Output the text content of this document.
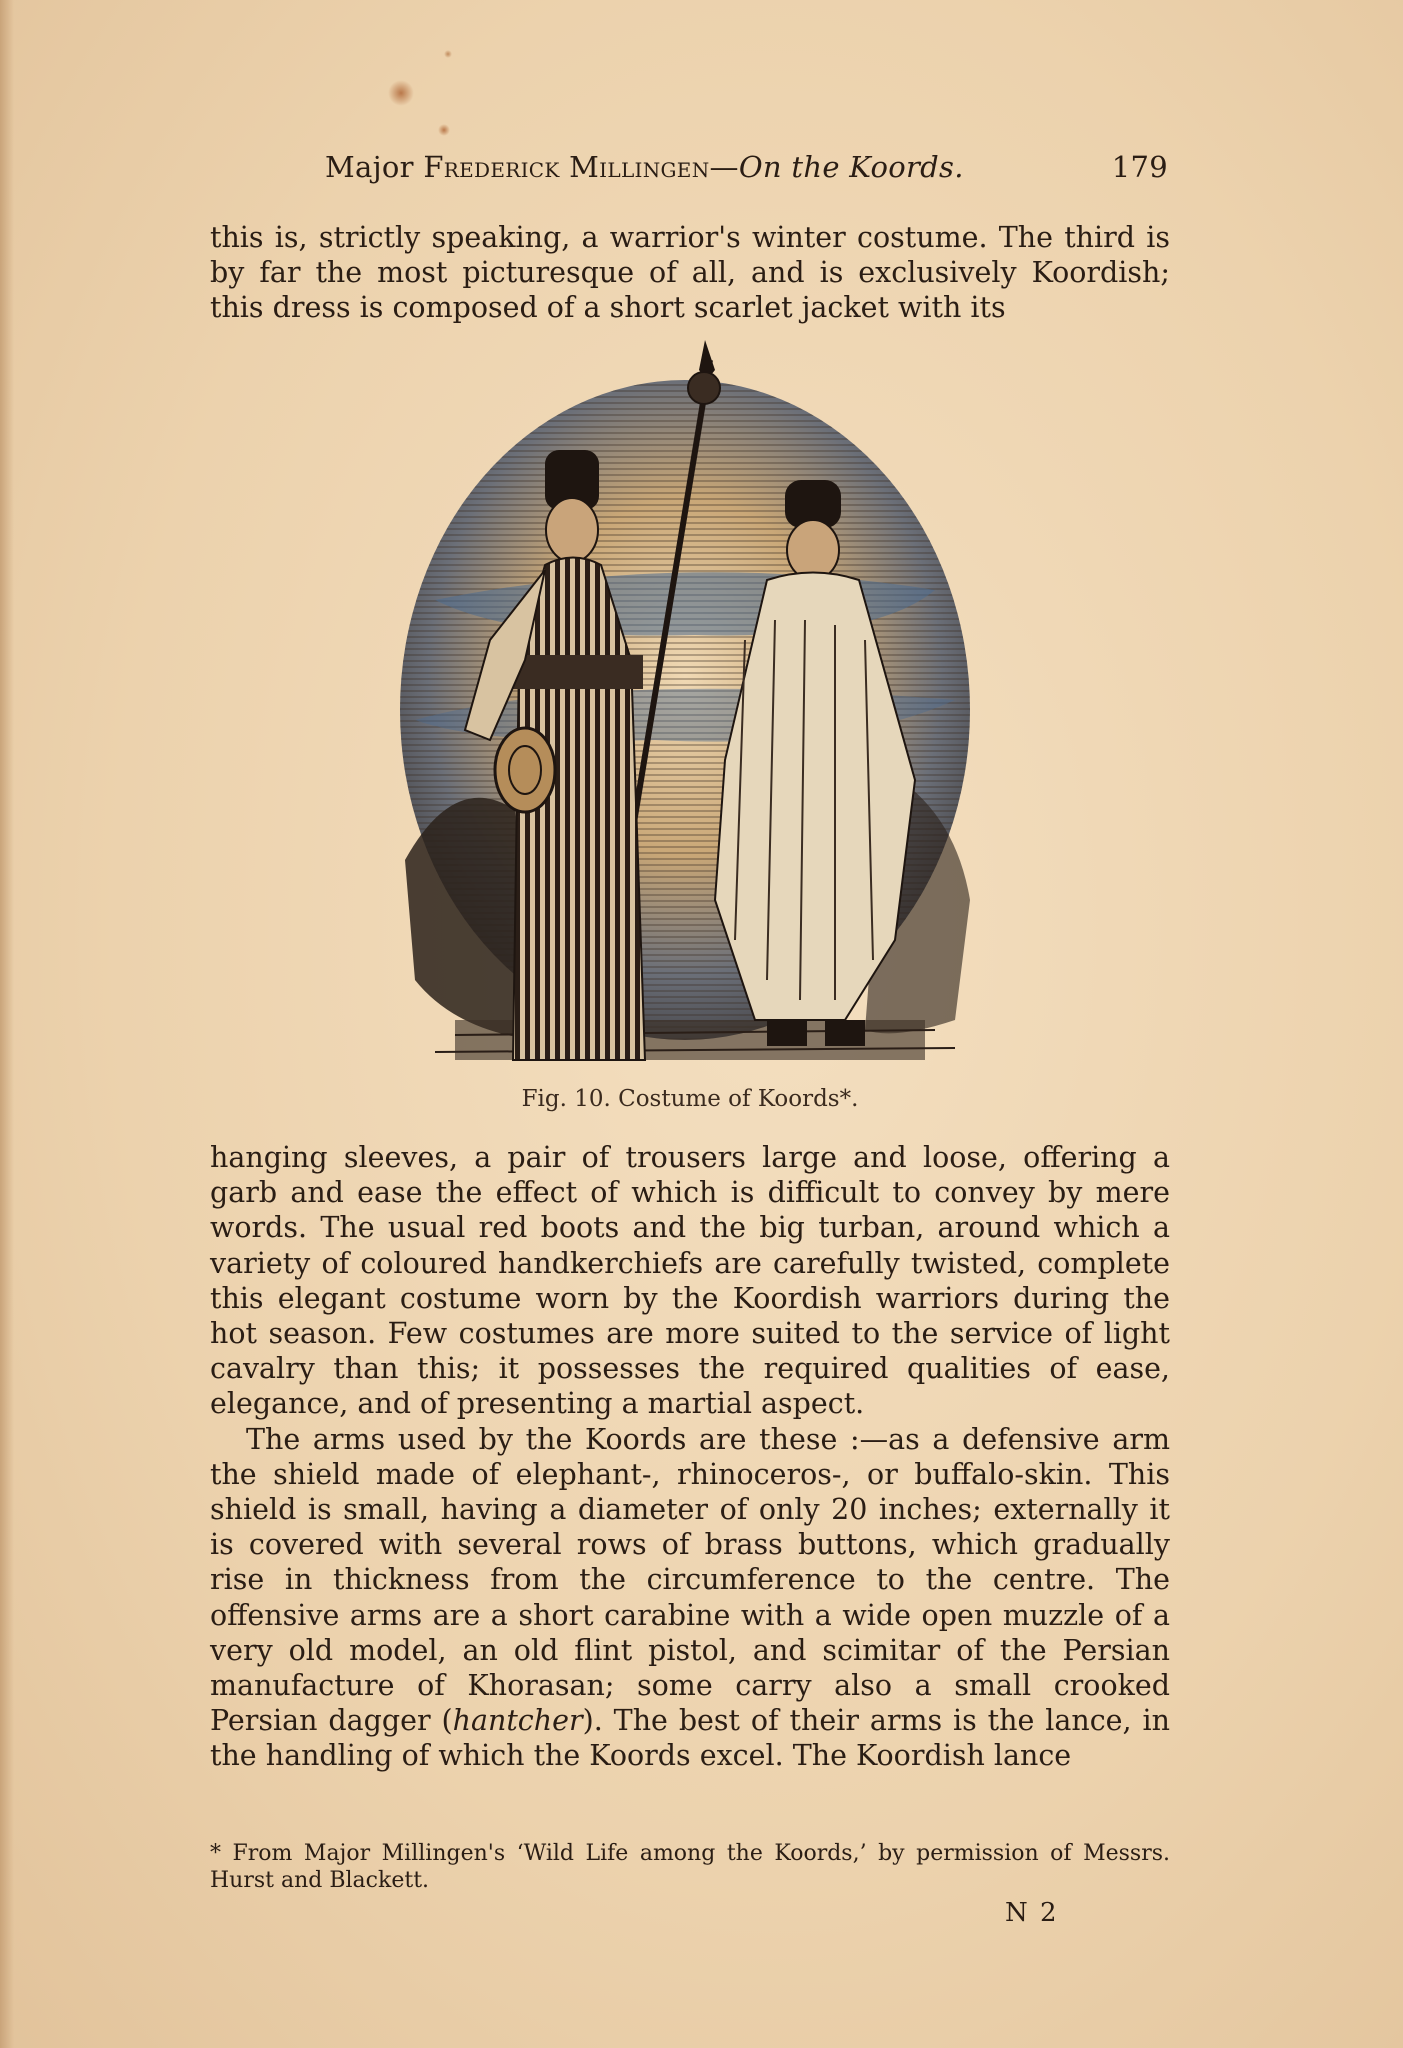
Major Frederick Millingen—On the Koords.	179

this is, strictly speaking, a warrior's winter costume. The third is by far the most picturesque of all, and is exclusively Koordish; this dress is composed of a short scarlet jacket with its

Fig. 10. Costume of Koords*.

hanging sleeves, a pair of trousers large and loose, offering a garb and ease the effect of which is difficult to convey by mere words. The usual red boots and the big turban, around which a variety of coloured handkerchiefs are carefully twisted, complete this elegant costume worn by the Koordish warriors during the hot season. Few costumes are more suited to the service of light cavalry than this; it possesses the required qualities of ease, elegance, and of presenting a martial aspect.

The arms used by the Koords are these :—as a defensive arm the shield made of elephant-, rhinoceros-, or buffalo-skin. This shield is small, having a diameter of only 20 inches; externally it is covered with several rows of brass buttons, which gradually rise in thickness from the circumference to the centre. The offensive arms are a short carabine with a wide open muzzle of a very old model, an old flint pistol, and scimitar of the Persian manufacture of Khorasan; some carry also a small crooked Persian dagger (hantcher). The best of their arms is the lance, in the handling of which the Koords excel. The Koordish lance

* From Major Millingen's ‘Wild Life among the Koords,’ by permission of Messrs. Hurst and Blackett.

N 2
